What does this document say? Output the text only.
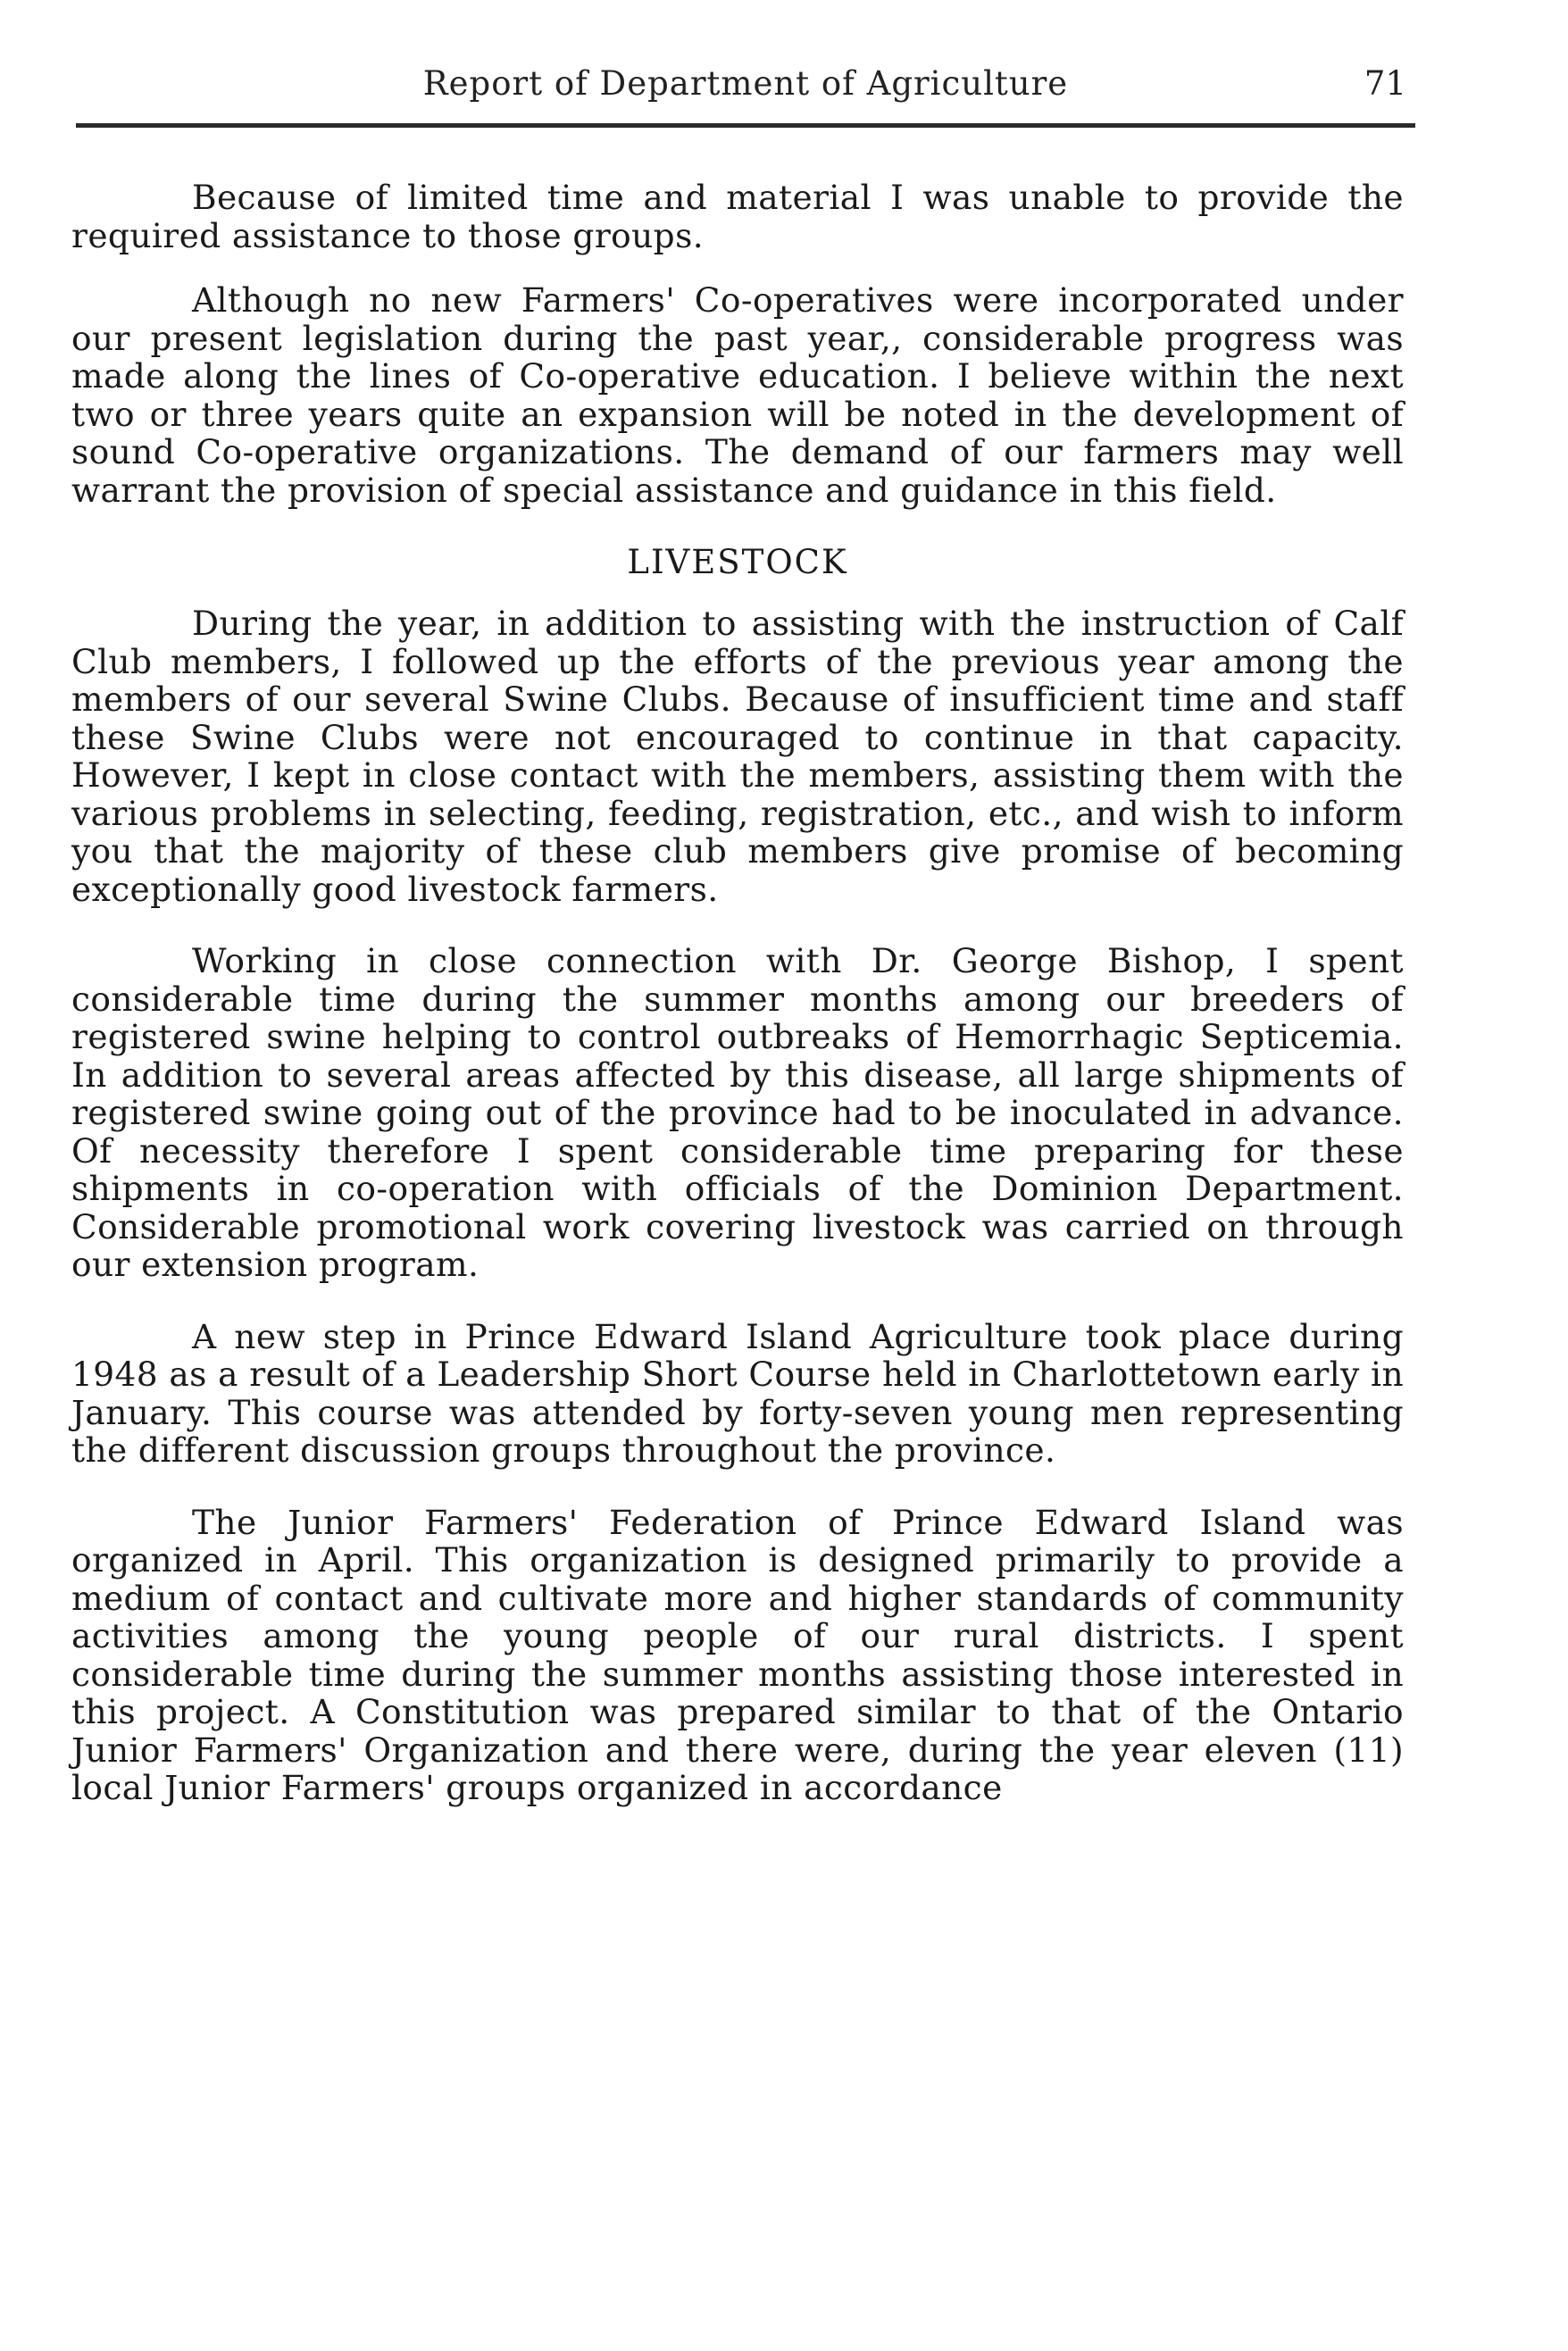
Report of Department of Agriculture	71

Because of limited time and material I was unable to provide the required assistance to those groups.

Although no new Farmers' Co-operatives were incorporated under our present legislation during the past year,, considerable progress was made along the lines of Co-operative education. I believe within the next two or three years quite an expansion will be noted in the development of sound Co-operative organizations. The demand of our farmers may well warrant the provision of special assistance and guidance in this field.

LIVESTOCK

During the year, in addition to assisting with the instruction of Calf Club members, I followed up the efforts of the previous year among the members of our several Swine Clubs. Because of insufficient time and staff these Swine Clubs were not encouraged to continue in that capacity. However, I kept in close contact with the members, assisting them with the various problems in selecting, feeding, registration, etc., and wish to inform you that the majority of these club members give promise of becoming exceptionally good livestock farmers.

Working in close connection with Dr. George Bishop, I spent considerable time during the summer months among our breeders of registered swine helping to control outbreaks of Hemorrhagic Septicemia. In addition to several areas affected by this disease, all large shipments of registered swine going out of the province had to be inoculated in advance. Of necessity therefore I spent considerable time preparing for these shipments in co-operation with officials of the Dominion Department. Considerable promotional work covering livestock was carried on through our extension program.

A new step in Prince Edward Island Agriculture took place during 1948 as a result of a Leadership Short Course held in Charlottetown early in January. This course was attended by forty-seven young men representing the different discussion groups throughout the province.

The Junior Farmers' Federation of Prince Edward Island was organized in April. This organization is designed primarily to provide a medium of contact and cultivate more and higher standards of community activities among the young people of our rural districts. I spent considerable time during the summer months assisting those interested in this project. A Constitution was prepared similar to that of the Ontario Junior Farmers' Organization and there were, during the year eleven (11) local Junior Farmers' groups organized in accordance
